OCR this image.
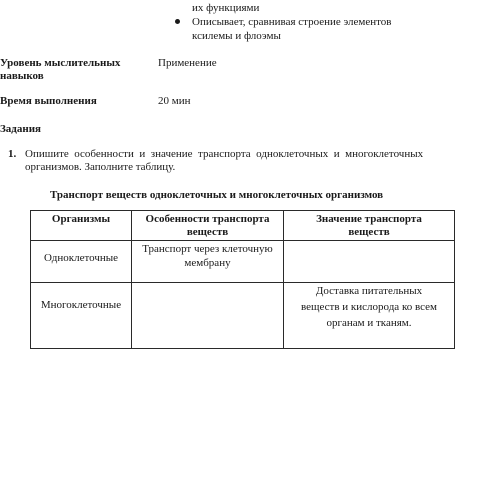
их функциями
Описывает, сравнивая строение элементов
ксилемы и флоэмы
Уровень мыслительных
навыков
Применение
Время выполнения	20 мин
Задания
1. Опишите  особенности  и  значение  транспорта  одноклеточных  и  многоклеточных
организмов. Заполните таблицу.
Транспорт веществ одноклеточных и многоклеточных организмов
Организмы	Особенности транспорта
веществ
Значение транспорта
веществ
Одноклеточные
Транспорт через клеточную
мембрану
Многоклеточные
Доставка питательных
веществ и кислорода ко всем
органам и тканям.
